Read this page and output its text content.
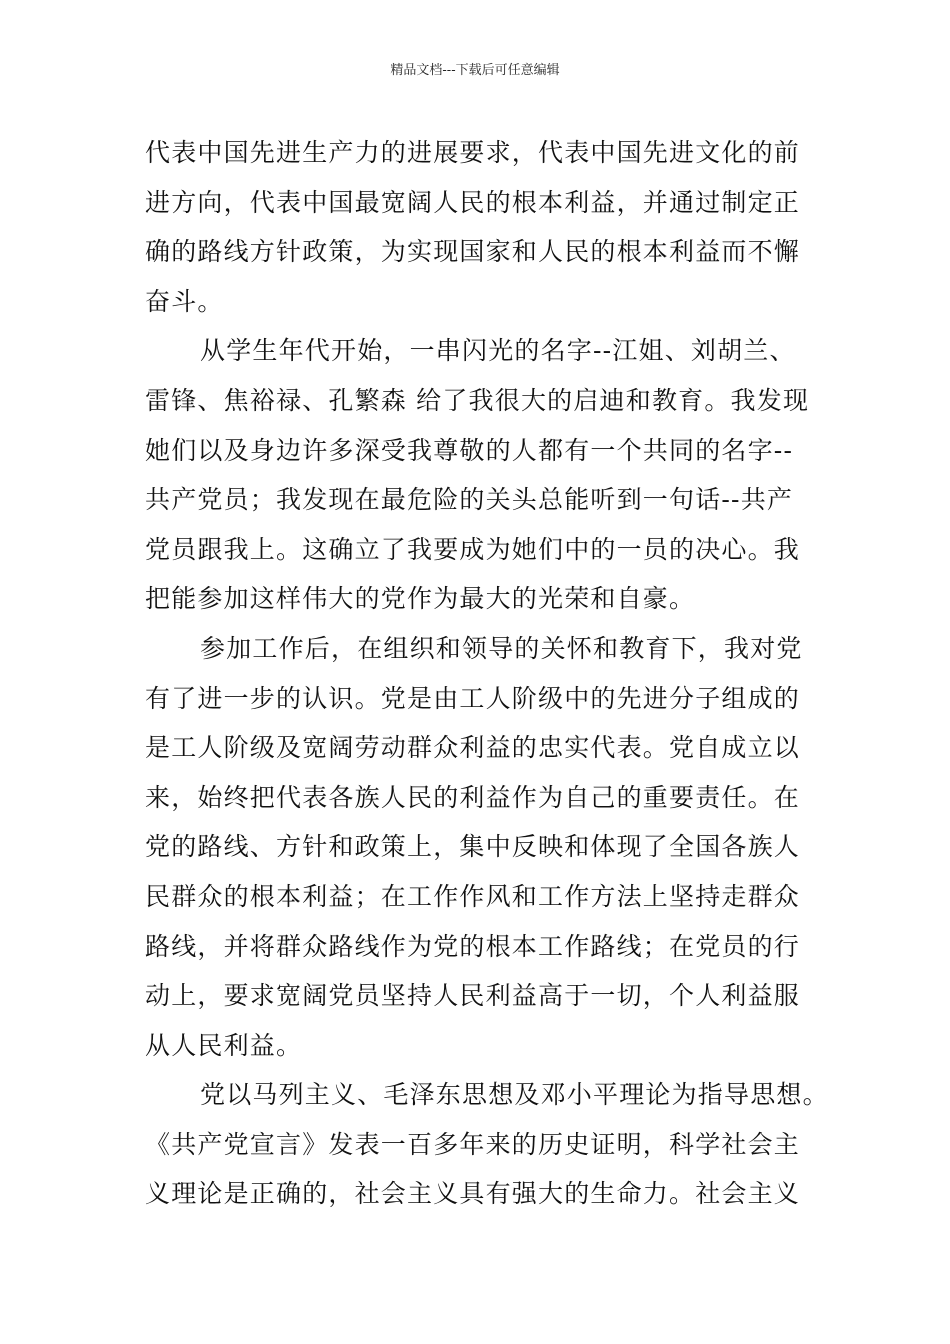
精品文档---下载后可任意编辑
代表中国先进生产力的进展要求，代表中国先进文化的前
进方向，代表中国最宽阔人民的根本利益，并通过制定正
确的路线方针政策，为实现国家和人民的根本利益而不懈
奋斗。
从学生年代开始，一串闪光的名字--江姐、刘胡兰、
雷锋、焦裕禄、孔繁森 给了我很大的启迪和教育。我发现
她们以及身边许多深受我尊敬的人都有一个共同的名字--
共产党员；我发现在最危险的关头总能听到一句话--共产
党员跟我上。这确立了我要成为她们中的一员的决心。我
把能参加这样伟大的党作为最大的光荣和自豪。
参加工作后，在组织和领导的关怀和教育下，我对党
有了进一步的认识。党是由工人阶级中的先进分子组成的
是工人阶级及宽阔劳动群众利益的忠实代表。党自成立以
来，始终把代表各族人民的利益作为自己的重要责任。在
党的路线、方针和政策上，集中反映和体现了全国各族人
民群众的根本利益；在工作作风和工作方法上坚持走群众
路线，并将群众路线作为党的根本工作路线；在党员的行
动上，要求宽阔党员坚持人民利益高于一切，个人利益服
从人民利益。
党以马列主义、毛泽东思想及邓小平理论为指导思想。
《共产党宣言》发表一百多年来的历史证明，科学社会主
义理论是正确的，社会主义具有强大的生命力。社会主义
